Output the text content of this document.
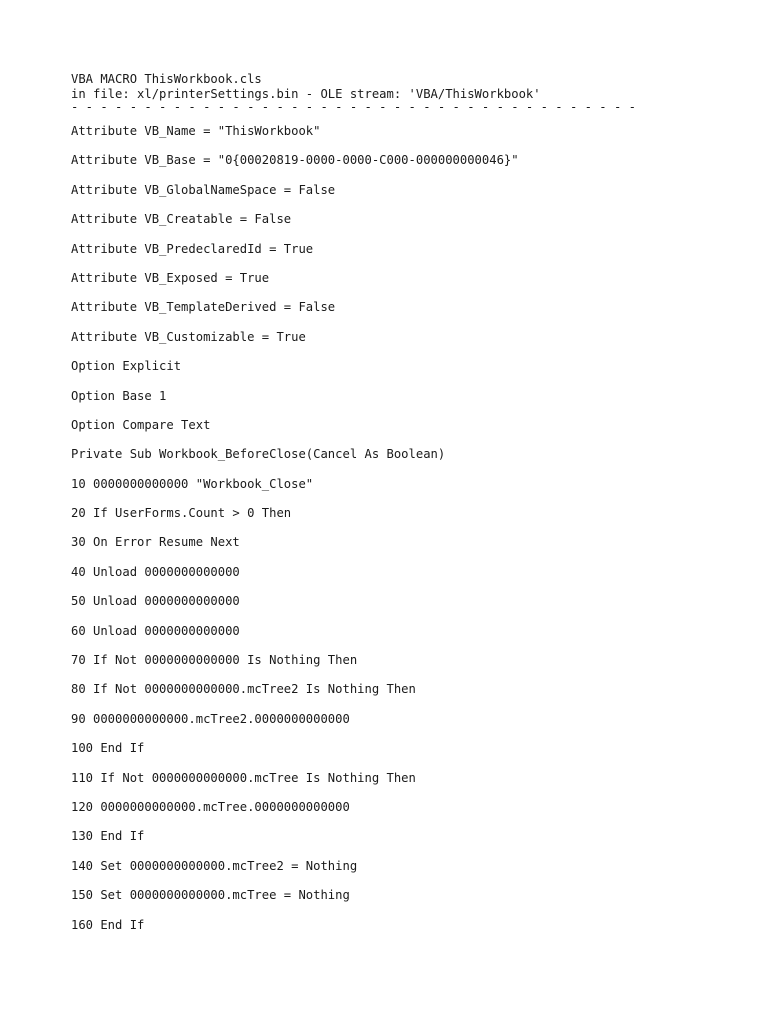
VBA MACRO ThisWorkbook.cls
in file: xl/printerSettings.bin - OLE stream: 'VBA/ThisWorkbook'
- - - - - - - - - - - - - - - - - - - - - - - - - - - - - - - - - - - - - - -
Attribute VB_Name = "ThisWorkbook"
Attribute VB_Base = "0{00020819-0000-0000-C000-000000000046}"
Attribute VB_GlobalNameSpace = False
Attribute VB_Creatable = False
Attribute VB_PredeclaredId = True
Attribute VB_Exposed = True
Attribute VB_TemplateDerived = False
Attribute VB_Customizable = True
Option Explicit
Option Base 1
Option Compare Text
Private Sub Workbook_BeforeClose(Cancel As Boolean)
10 0000000000000 "Workbook_Close"
20 If UserForms.Count > 0 Then
30 On Error Resume Next
40 Unload 0000000000000
50 Unload 0000000000000
60 Unload 0000000000000
70 If Not 0000000000000 Is Nothing Then
80 If Not 0000000000000.mcTree2 Is Nothing Then
90 0000000000000.mcTree2.0000000000000
100 End If
110 If Not 0000000000000.mcTree Is Nothing Then
120 0000000000000.mcTree.0000000000000
130 End If
140 Set 0000000000000.mcTree2 = Nothing
150 Set 0000000000000.mcTree = Nothing
160 End If
